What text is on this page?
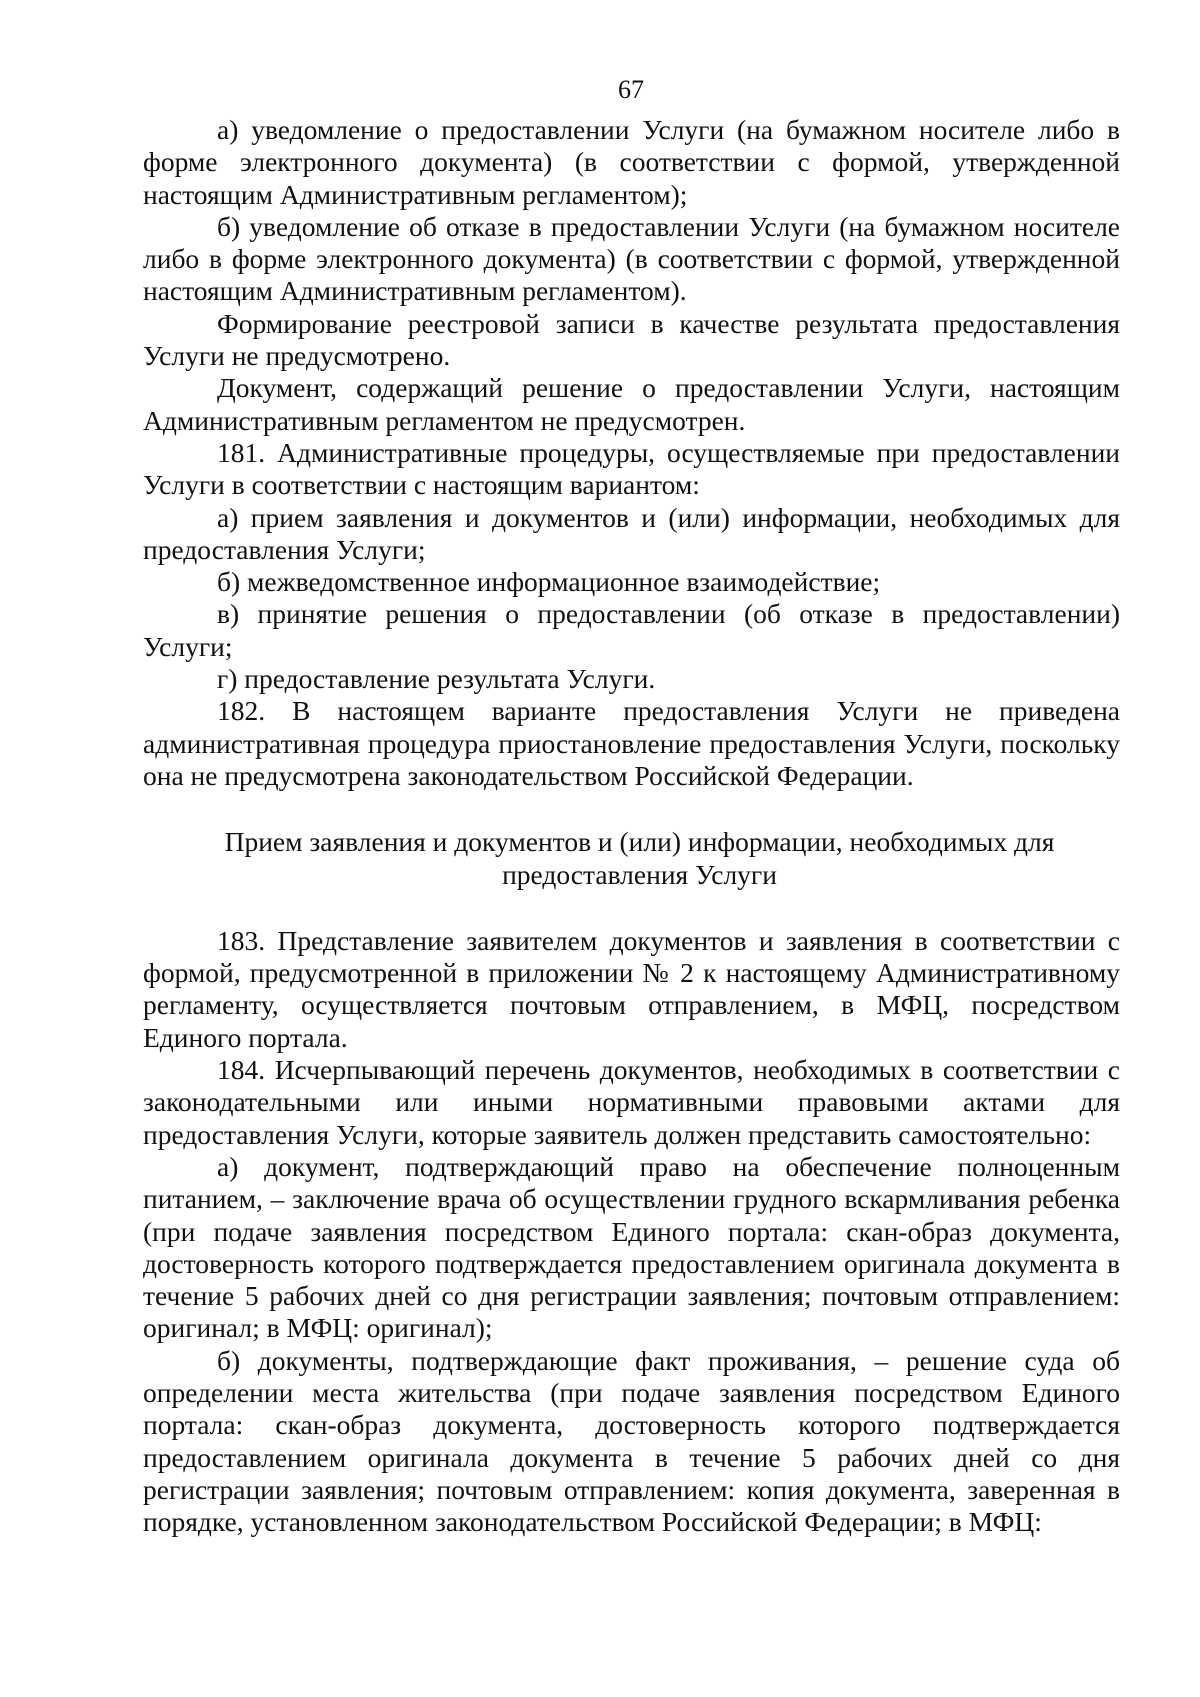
67

а) уведомление о предоставлении Услуги (на бумажном носителе либо в форме электронного документа) (в соответствии с формой, утвержденной настоящим Административным регламентом);

б) уведомление об отказе в предоставлении Услуги (на бумажном носителе либо в форме электронного документа) (в соответствии с формой, утвержденной настоящим Административным регламентом).

Формирование реестровой записи в качестве результата предоставления Услуги не предусмотрено.

Документ, содержащий решение о предоставлении Услуги, настоящим Административным регламентом не предусмотрен.

181. Административные процедуры, осуществляемые при предоставлении Услуги в соответствии с настоящим вариантом:

а) прием заявления и документов и (или) информации, необходимых для предоставления Услуги;

б) межведомственное информационное взаимодействие;

в) принятие решения о предоставлении (об отказе в предоставлении) Услуги;

г) предоставление результата Услуги.

182. В настоящем варианте предоставления Услуги не приведена административная процедура приостановление предоставления Услуги, поскольку она не предусмотрена законодательством Российской Федерации.

Прием заявления и документов и (или) информации, необходимых для

предоставления Услуги

183. Представление заявителем документов и заявления в соответствии с формой, предусмотренной в приложении № 2 к настоящему Административному регламенту, осуществляется почтовым отправлением, в МФЦ, посредством Единого портала.

184. Исчерпывающий перечень документов, необходимых в соответствии с законодательными или иными нормативными правовыми актами для предоставления Услуги, которые заявитель должен представить самостоятельно:

а) документ, подтверждающий право на обеспечение полноценным питанием, – заключение врача об осуществлении грудного вскармливания ребенка (при подаче заявления посредством Единого портала: скан-образ документа, достоверность которого подтверждается предоставлением оригинала документа в течение 5 рабочих дней со дня регистрации заявления; почтовым отправлением: оригинал; в МФЦ: оригинал);

б) документы, подтверждающие факт проживания, – решение суда об определении места жительства (при подаче заявления посредством Единого портала: скан-образ документа, достоверность которого подтверждается предоставлением оригинала документа в течение 5 рабочих дней со дня регистрации заявления; почтовым отправлением: копия документа, заверенная в порядке, установленном законодательством Российской Федерации; в МФЦ:
